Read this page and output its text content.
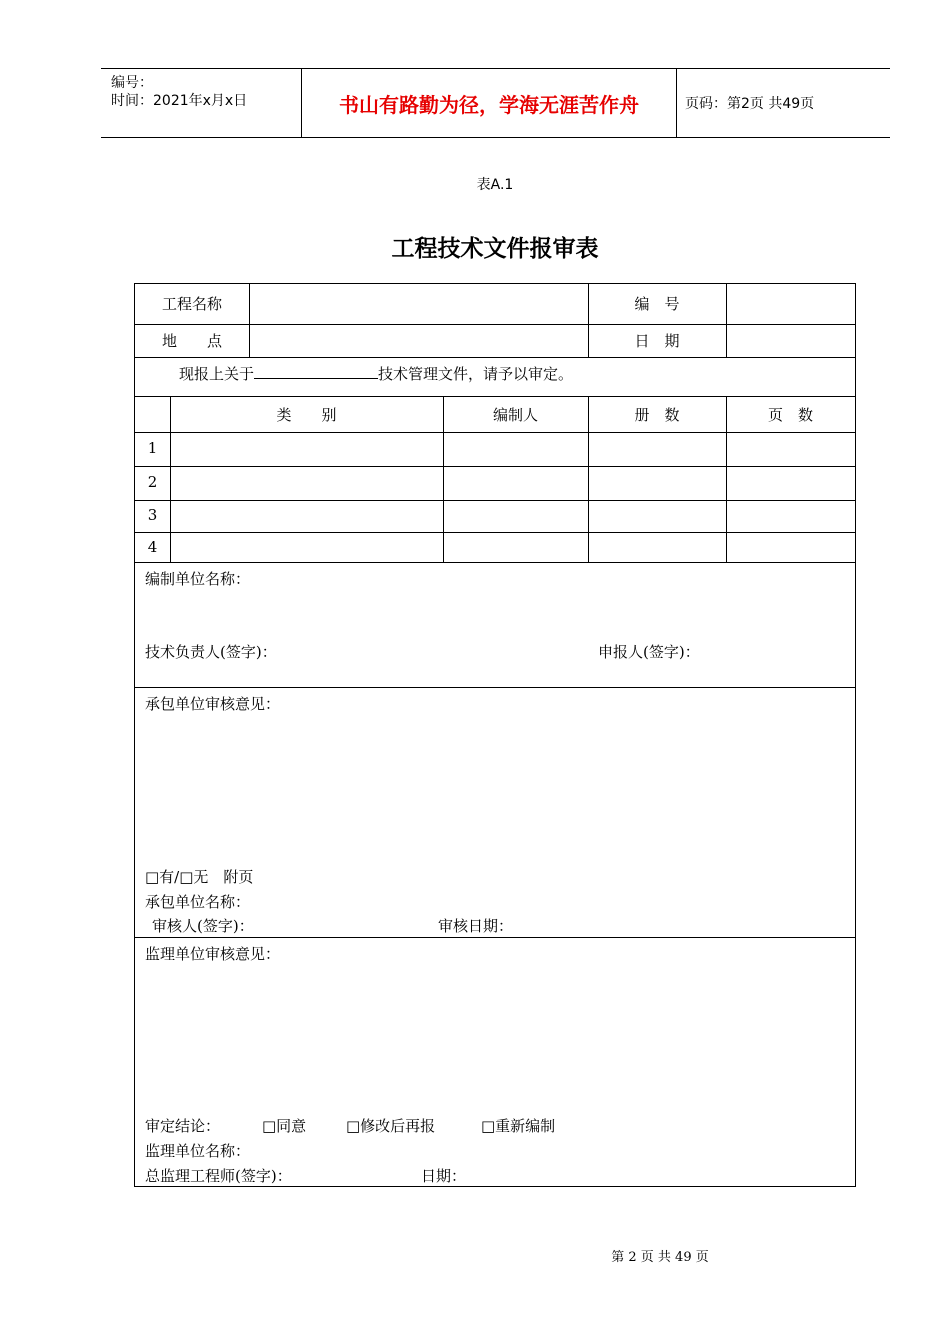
编号：
时间：2021年x月x日	书山有路勤为径，学海无涯苦作舟	页码：第2页 共49页
表A.1
工程技术文件报审表
工程名称	编　号
地　　点	日　期
现报上关于	技术管理文件，请予以审定。
类　　别	编制人	册　数	页　数
1
2
3
4
编制单位名称：
技术负责人(签字)：	申报人(签字)：
承包单位审核意见：
□有/□无　附页
承包单位名称：
审核人(签字)：	审核日期：
监理单位审核意见：
审定结论：	□同意	□修改后再报	□重新编制
监理单位名称：
总监理工程师(签字)：	日期：
第 2 页 共 49 页
